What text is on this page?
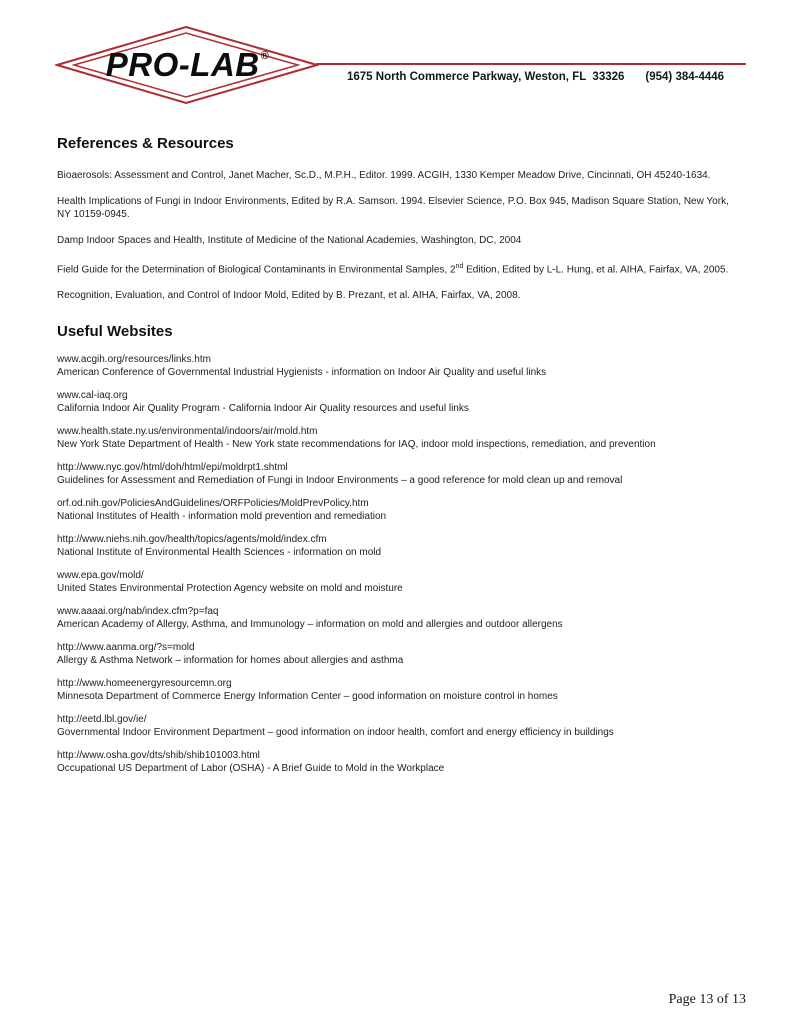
PRO-LAB®
1675 North Commerce Parkway, Weston, FL  33326 (954) 384-4446
References & Resources

Bioaerosols: Assessment and Control, Janet Macher, Sc.D., M.P.H., Editor. 1999. ACGIH, 1330 Kemper Meadow Drive, Cincinnati, OH 45240-1634.

Health Implications of Fungi in Indoor Environments, Edited by R.A. Samson. 1994. Elsevier Science, P.O. Box 945, Madison Square Station, New York,
NY 10159-0945.

Damp Indoor Spaces and Health, Institute of Medicine of the National Academies, Washington, DC, 2004

Field Guide for the Determination of Biological Contaminants in Environmental Samples, 2nd Edition, Edited by L-L. Hung, et al. AIHA, Fairfax, VA, 2005.

Recognition, Evaluation, and Control of Indoor Mold, Edited by B. Prezant, et al. AIHA, Fairfax, VA, 2008.

Useful Websites
www.acgih.org/resources/links.htm
American Conference of Governmental Industrial Hygienists - information on Indoor Air Quality and useful links
www.cal-iaq.org
California Indoor Air Quality Program - California Indoor Air Quality resources and useful links
www.health.state.ny.us/environmental/indoors/air/mold.htm
New York State Department of Health - New York state recommendations for IAQ, indoor mold inspections, remediation, and prevention
http://www.nyc.gov/html/doh/html/epi/moldrpt1.shtml
Guidelines for Assessment and Remediation of Fungi in Indoor Environments – a good reference for mold clean up and removal
orf.od.nih.gov/PoliciesAndGuidelines/ORFPolicies/MoldPrevPolicy.htm
National Institutes of Health - information mold prevention and remediation
http://www.niehs.nih.gov/health/topics/agents/mold/index.cfm
National Institute of Environmental Health Sciences - information on mold
www.epa.gov/mold/
United States Environmental Protection Agency website on mold and moisture
www.aaaai.org/nab/index.cfm?p=faq
American Academy of Allergy, Asthma, and Immunology – information on mold and allergies and outdoor allergens
http://www.aanma.org/?s=mold
Allergy & Asthma Network – information for homes about allergies and asthma
http://www.homeenergyresourcemn.org
Minnesota Department of Commerce Energy Information Center – good information on moisture control in homes
http://eetd.lbl.gov/ie/
Governmental Indoor Environment Department – good information on indoor health, comfort and energy efficiency in buildings
http://www.osha.gov/dts/shib/shib101003.html
Occupational US Department of Labor (OSHA) - A Brief Guide to Mold in the Workplace
Page 13 of 13
